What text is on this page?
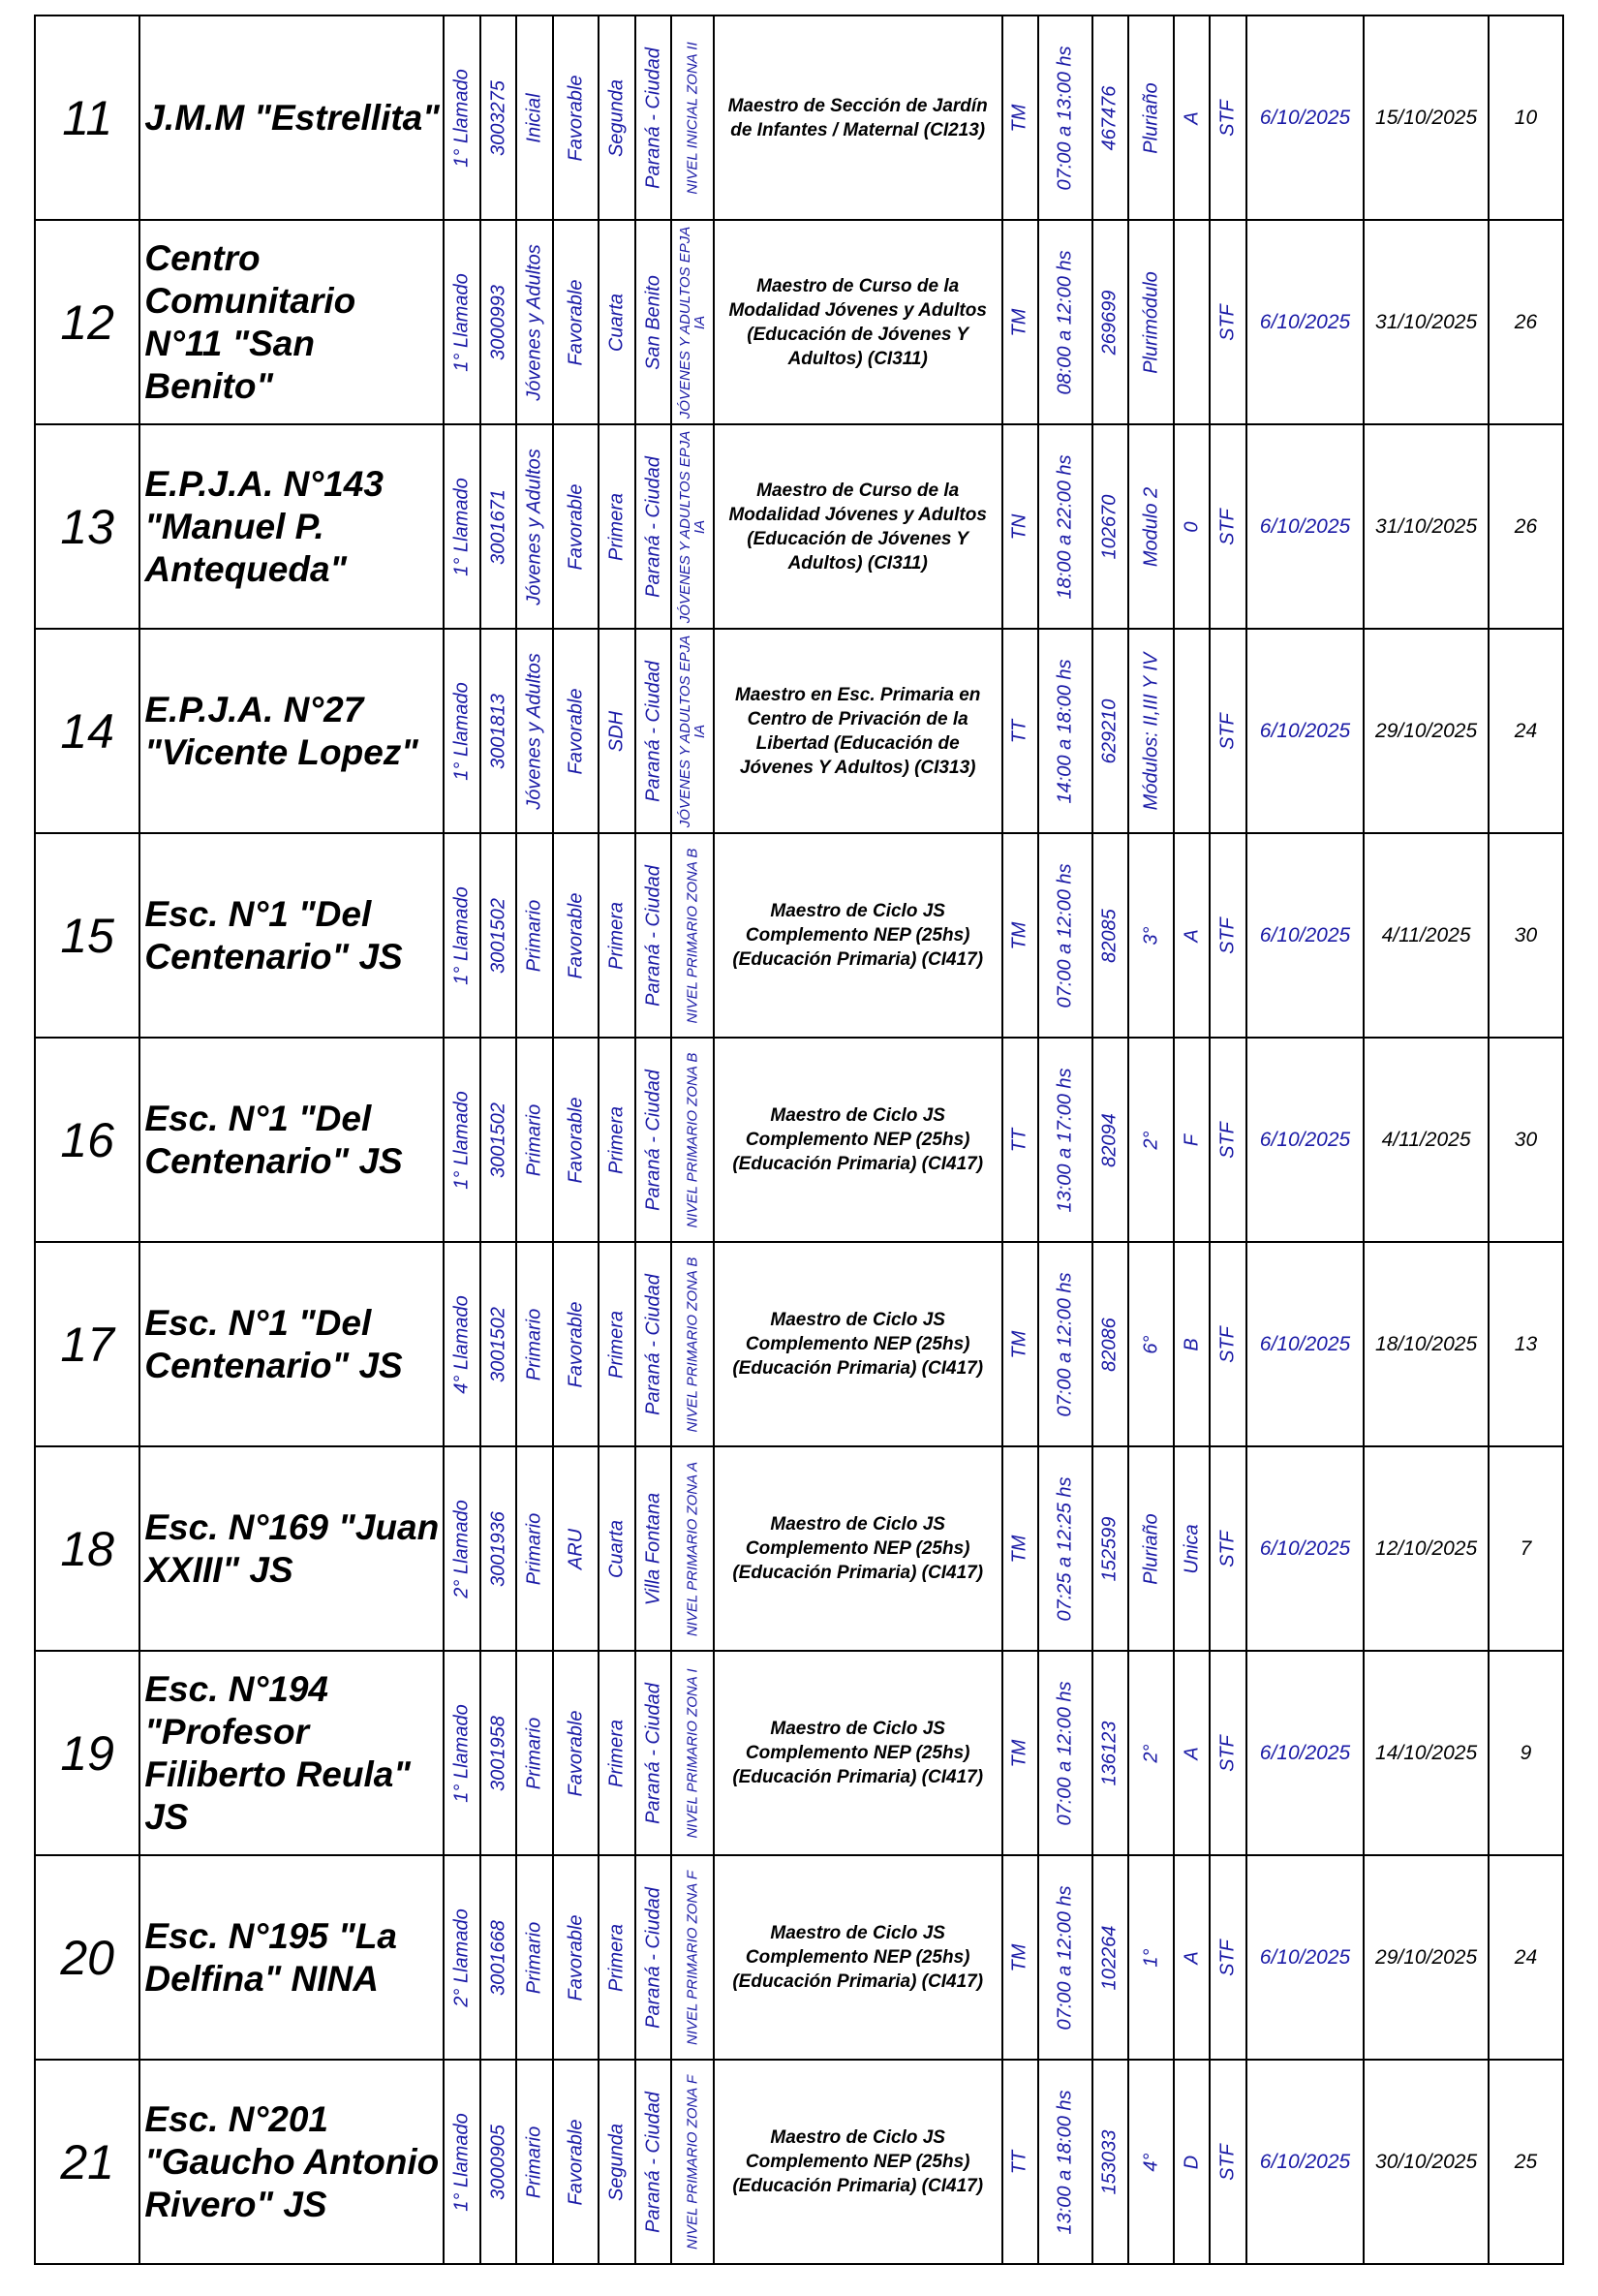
11	J.M.M "Estrellita"	1° Llamado	3003275	Inicial	Favorable	Segunda	Paraná - Ciudad	NIVEL INICIAL ZONA II	Maestro de Sección de Jardín de Infantes / Maternal (CI213)	TM	07:00 a 13:00 hs	467476	Pluriaño	A	STF	6/10/2025	15/10/2025	10
12	Centro Comunitario N°11 "San Benito"	1° Llamado	3000993	Jóvenes y Adultos	Favorable	Cuarta	San Benito	JÓVENES Y ADULTOS EPJA IA	Maestro de Curso de la Modalidad Jóvenes y Adultos (Educación de Jóvenes Y Adultos) (CI311)	TM	08:00 a 12:00 hs	269699	Plurimódulo		STF	6/10/2025	31/10/2025	26
13	E.P.J.A. N°143 "Manuel P. Antequeda"	1° Llamado	3001671	Jóvenes y Adultos	Favorable	Primera	Paraná - Ciudad	JÓVENES Y ADULTOS EPJA IA	Maestro de Curso de la Modalidad Jóvenes y Adultos (Educación de Jóvenes Y Adultos) (CI311)	TN	18:00 a 22:00 hs	102670	Modulo 2	0	STF	6/10/2025	31/10/2025	26
14	E.P.J.A. N°27 "Vicente Lopez"	1° Llamado	3001813	Jóvenes y Adultos	Favorable	SDH	Paraná - Ciudad	JÓVENES Y ADULTOS EPJA IA	Maestro en Esc. Primaria en Centro de Privación de la Libertad (Educación de Jóvenes Y Adultos) (CI313)	TT	14:00 a 18:00 hs	629210	Módulos: II,III Y IV		STF	6/10/2025	29/10/2025	24
15	Esc. N°1 "Del Centenario" JS	1° Llamado	3001502	Primario	Favorable	Primera	Paraná - Ciudad	NIVEL PRIMARIO ZONA B	Maestro de Ciclo JS Complemento NEP (25hs) (Educación Primaria) (CI417)	TM	07:00 a 12:00 hs	82085	3°	A	STF	6/10/2025	4/11/2025	30
16	Esc. N°1 "Del Centenario" JS	1° Llamado	3001502	Primario	Favorable	Primera	Paraná - Ciudad	NIVEL PRIMARIO ZONA B	Maestro de Ciclo JS Complemento NEP (25hs) (Educación Primaria) (CI417)	TT	13:00 a 17:00 hs	82094	2°	F	STF	6/10/2025	4/11/2025	30
17	Esc. N°1 "Del Centenario" JS	4° Llamado	3001502	Primario	Favorable	Primera	Paraná - Ciudad	NIVEL PRIMARIO ZONA B	Maestro de Ciclo JS Complemento NEP (25hs) (Educación Primaria) (CI417)	TM	07:00 a 12:00 hs	82086	6°	B	STF	6/10/2025	18/10/2025	13
18	Esc. N°169 "Juan XXIII" JS	2° Llamado	3001936	Primario	ARU	Cuarta	Villa Fontana	NIVEL PRIMARIO ZONA A	Maestro de Ciclo JS Complemento NEP (25hs) (Educación Primaria) (CI417)	TM	07:25 a 12:25 hs	152599	Pluriaño	Unica	STF	6/10/2025	12/10/2025	7
19	Esc. N°194 "Profesor Filiberto Reula" JS	1° Llamado	3001958	Primario	Favorable	Primera	Paraná - Ciudad	NIVEL PRIMARIO ZONA I	Maestro de Ciclo JS Complemento NEP (25hs) (Educación Primaria) (CI417)	TM	07:00 a 12:00 hs	136123	2°	A	STF	6/10/2025	14/10/2025	9
20	Esc. N°195 "La Delfina" NINA	2° Llamado	3001668	Primario	Favorable	Primera	Paraná - Ciudad	NIVEL PRIMARIO ZONA F	Maestro de Ciclo JS Complemento NEP (25hs) (Educación Primaria) (CI417)	TM	07:00 a 12:00 hs	102264	1°	A	STF	6/10/2025	29/10/2025	24
21	Esc. N°201 "Gaucho Antonio Rivero" JS	1° Llamado	3000905	Primario	Favorable	Segunda	Paraná - Ciudad	NIVEL PRIMARIO ZONA F	Maestro de Ciclo JS Complemento NEP (25hs) (Educación Primaria) (CI417)	TT	13:00 a 18:00 hs	153033	4°	D	STF	6/10/2025	30/10/2025	25
